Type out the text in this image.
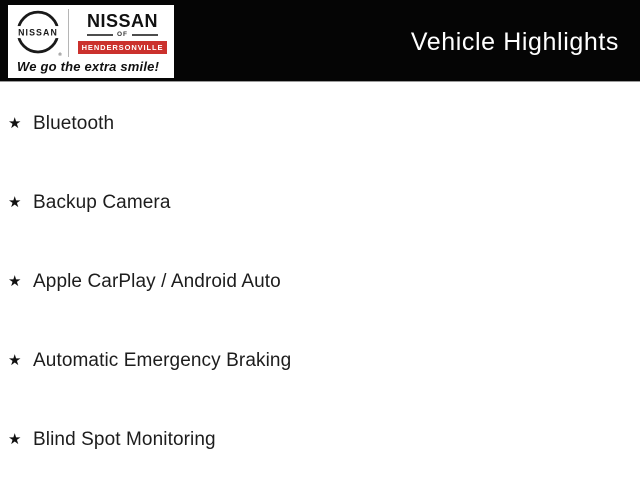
NISSAN
®
NISSAN
OF
HENDERSONVILLE
We go the extra smile!
Vehicle Highlights
★ Bluetooth
★ Backup Camera
★ Apple CarPlay / Android Auto
★ Automatic Emergency Braking
★ Blind Spot Monitoring
